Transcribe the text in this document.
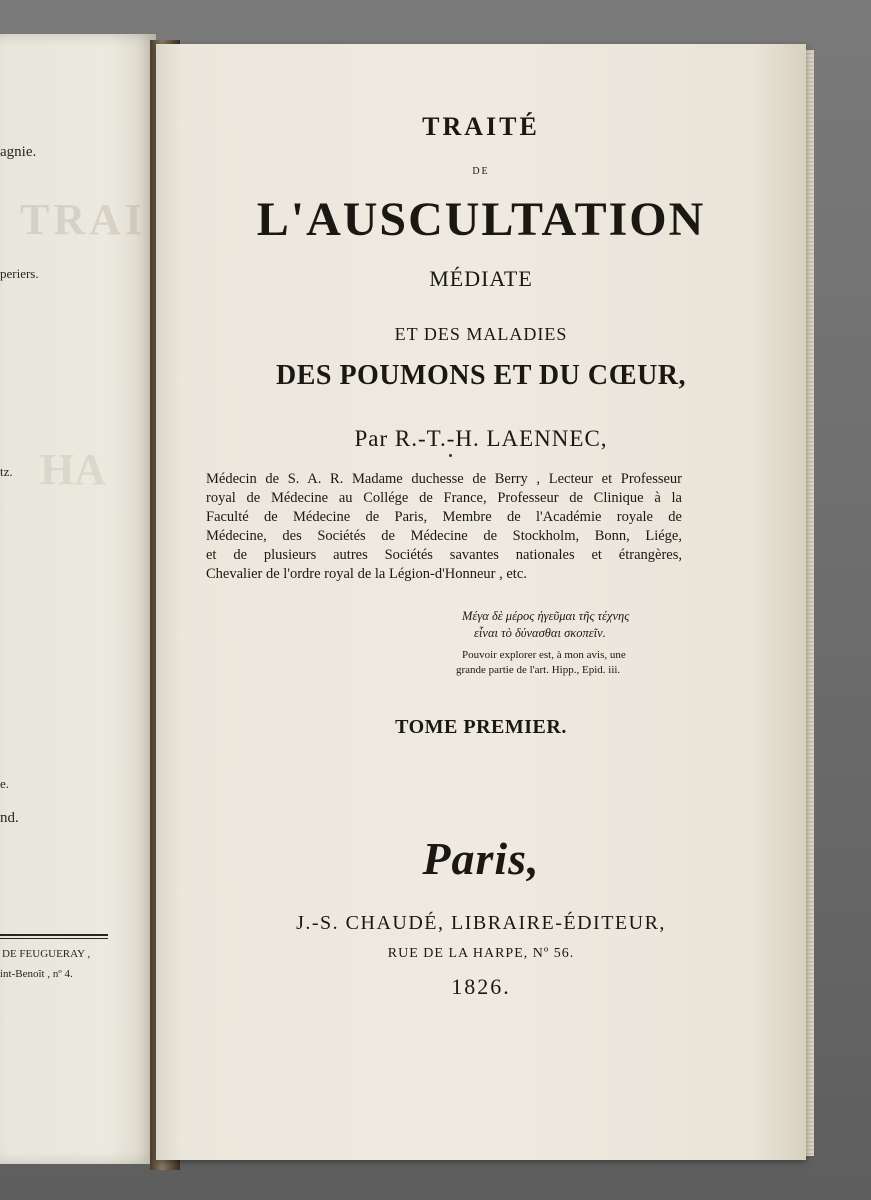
TRAI
HA
agnie.
periers.
tz.
e.
nd.
DE FEUGUERAY ,
int-Benoît , nº 4.
TRAITÉ
DE
L'AUSCULTATION
MÉDIATE
ET DES MALADIES
DES POUMONS ET DU CŒUR,
Par R.-T.-H. LAENNEC,
Médecin de S. A. R. Madame duchesse de Berry , Lecteur et Professeur
royal de Médecine au Collége de France, Professeur de Clinique à la
Faculté de Médecine de Paris, Membre de l'Académie royale de
Médecine, des Sociétés de Médecine de Stockholm, Bonn, Liége,
et de plusieurs autres Sociétés savantes nationales et étrangères,
Chevalier de l'ordre royal de la Légion-d'Honneur , etc.
Μέγα δὲ μέρος ἡγεῦμαι τῆς τέχνης
εἶναι τὸ δύνασθαι σκοπεῖν.
Pouvoir explorer est, à mon avis, une
grande partie de l'art. Hipp., Epid. iii.
TOME PREMIER.
Paris,
J.-S. CHAUDÉ, LIBRAIRE-ÉDITEUR,
RUE DE LA HARPE, Nº 56.
1826.
